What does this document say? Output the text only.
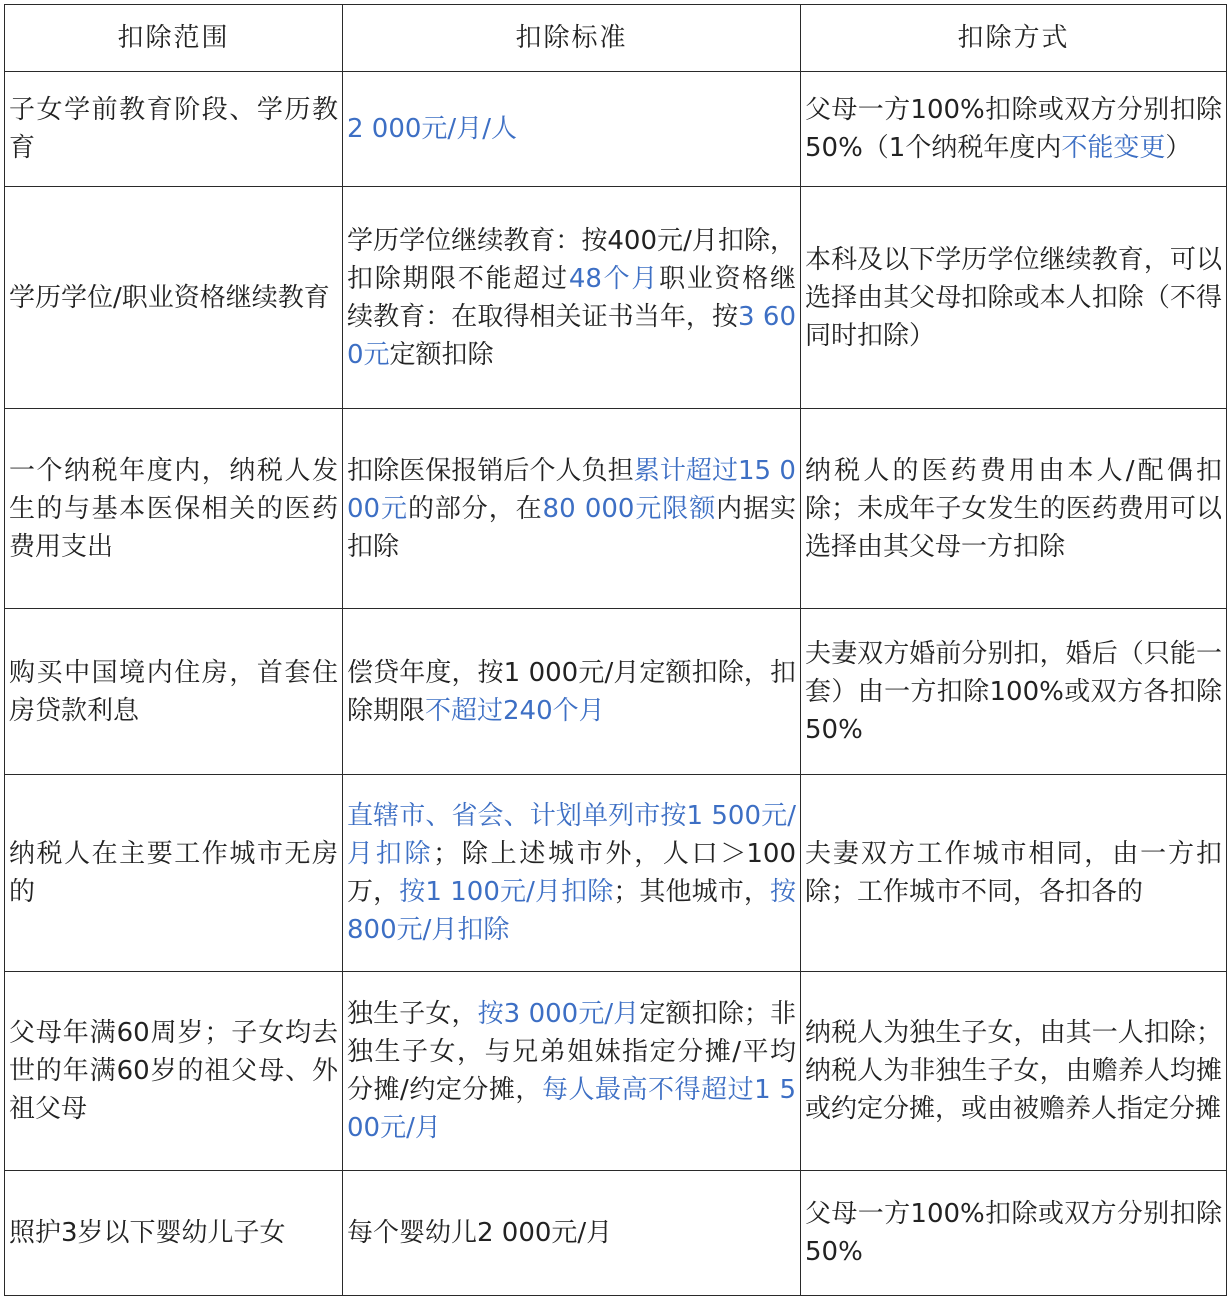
扣除范围	扣除标准	扣除方式
子女学前教育阶段、学历教育	2 000元/月/人	父母一方100%扣除或双方分别扣除50%（1个纳税年度内不能变更）
学历学位/职业资格继续教育	学历学位继续教育：按400元/月扣除，扣除期限不能超过48个月职业资格继续教育：在取得相关证书当年，按3 600元定额扣除	本科及以下学历学位继续教育，可以选择由其父母扣除或本人扣除（不得同时扣除）
一个纳税年度内，纳税人发生的与基本医保相关的医药费用支出	扣除医保报销后个人负担累计超过15 000元的部分，在80 000元限额内据实扣除	纳税人的医药费用由本人/配偶扣除；未成年子女发生的医药费用可以选择由其父母一方扣除
购买中国境内住房，首套住房贷款利息	偿贷年度，按1 000元/月定额扣除，扣除期限不超过240个月	夫妻双方婚前分别扣，婚后（只能一套）由一方扣除100%或双方各扣除50%
纳税人在主要工作城市无房的	直辖市、省会、计划单列市按1 500元/月扣除；除上述城市外，人口＞100万，按1 100元/月扣除；其他城市，按800元/月扣除	夫妻双方工作城市相同，由一方扣除；工作城市不同，各扣各的
父母年满60周岁；子女均去世的年满60岁的祖父母、外祖父母	独生子女，按3 000元/月定额扣除；非独生子女，与兄弟姐妹指定分摊/平均分摊/约定分摊，每人最高不得超过1 500元/月	纳税人为独生子女，由其一人扣除；纳税人为非独生子女，由赡养人均摊或约定分摊，或由被赡养人指定分摊
照护3岁以下婴幼儿子女	每个婴幼儿2 000元/月	父母一方100%扣除或双方分别扣除50%
